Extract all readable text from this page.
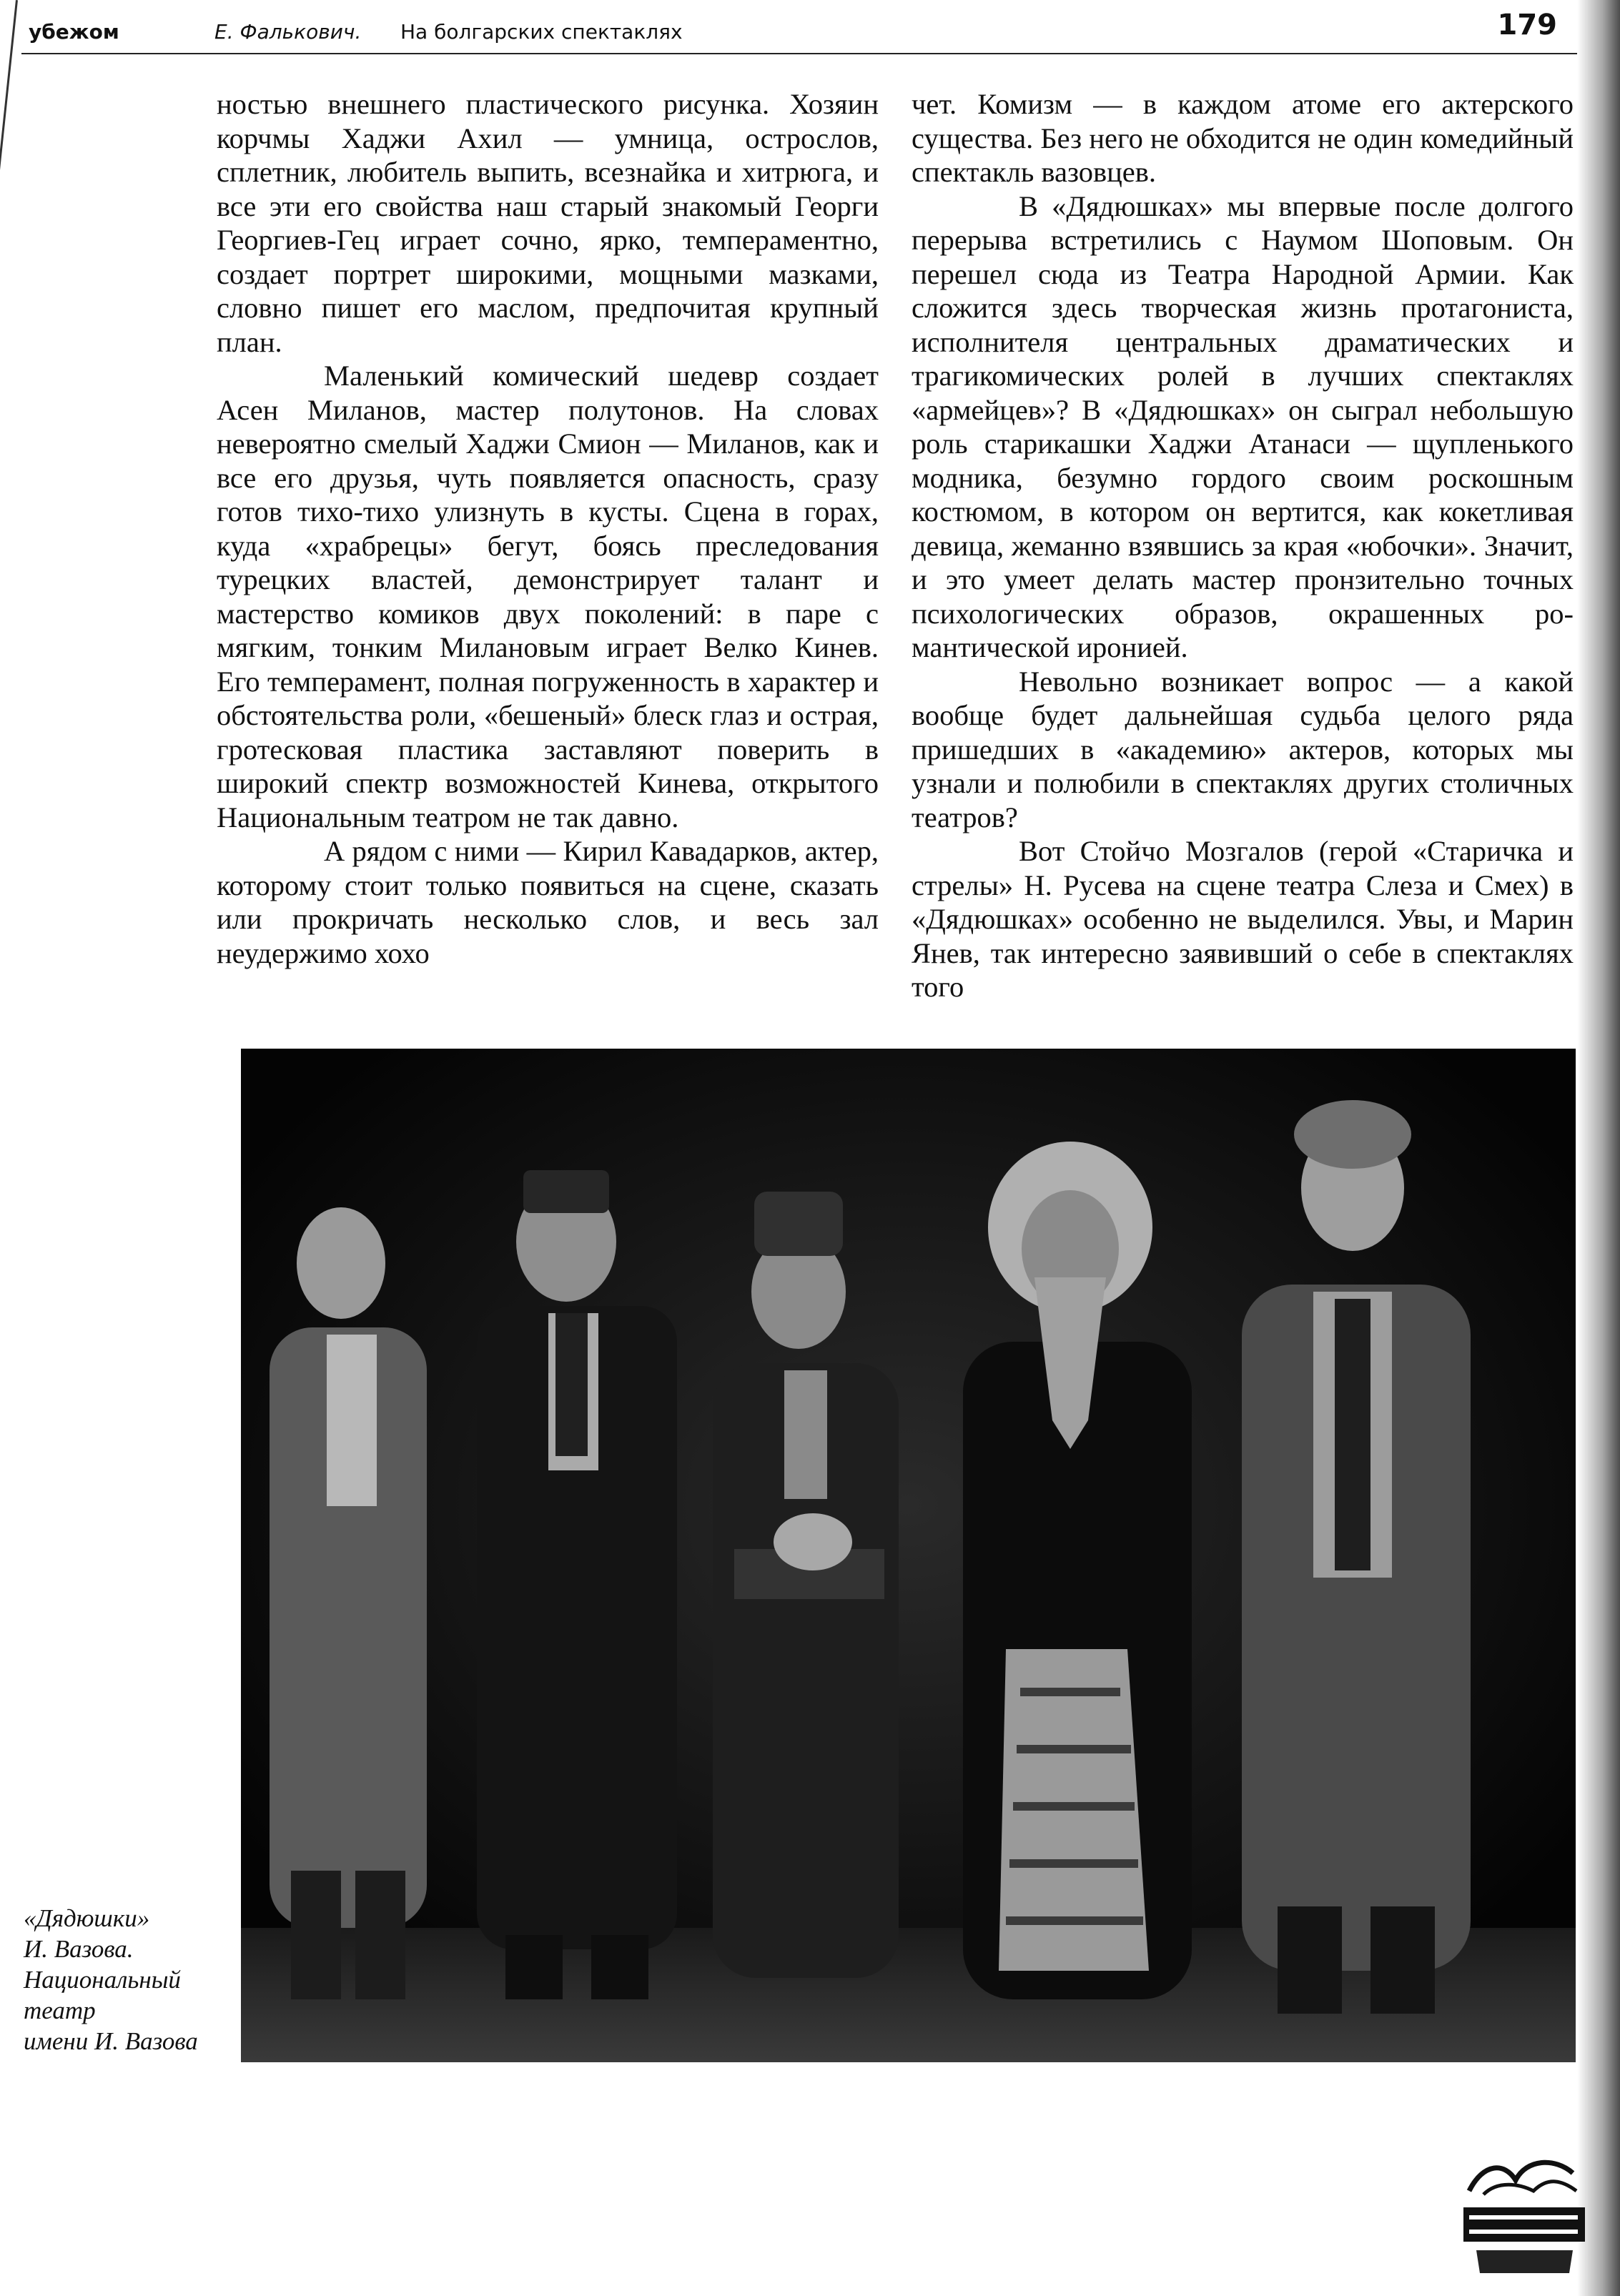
убежом	Е. Фалькович. На болгарских спектаклях	179

ностью внешнего пластического рисунка. Хозяин корчмы Хаджи Ахил — умница, острослов, сплетник, любитель выпить, всезнайка и хитрюга, и все эти его свойства наш старый знакомый Георги Георгиев-Гец играет сочно, ярко, темпераментно, создает портрет широкими, мощными мазками, словно пишет его маслом, предпочитая крупный план.

Маленький комический шедевр создает Асен Миланов, мастер полутонов. На словах невероятно смелый Хаджи Смион — Миланов, как и все его друзья, чуть появляется опасность, сразу готов тихо-тихо улизнуть в кусты. Сцена в горах, куда «храбрецы» бегут, боясь преследования турецких властей, демонстрирует талант и мастерство комиков двух поколений: в паре с мягким, тонким Милановым играет Велко Кинев. Его темперамент, полная погруженность в характер и обстоятельства роли, «бешеный» блеск глаз и острая, гротесковая пластика заставляют поверить в широкий спектр возможностей Кинева, открытого Национальным театром не так давно.

А рядом с ними — Кирил Кавадарков, актер, которому стоит только появиться на сцене, сказать или прокричать несколько слов, и весь зал неудержимо хохо

чет. Комизм — в каждом атоме его актерского существа. Без него не обходится не один комедийный спектакль вазовцев.

В «Дядюшках» мы впервые после долгого перерыва встретились с Наумом Шоповым. Он перешел сюда из Театра Народной Армии. Как сложится здесь творческая жизнь протагониста, исполнителя центральных драматических и трагикомических ролей в лучших спектаклях «армейцев»? В «Дядюшках» он сыграл небольшую роль старикашки Хаджи Атанаси — щупленького модника, безумно гордого своим роскошным костюмом, в котором он вертится, как кокетливая девица, жеманно взявшись за края «юбочки». Значит, и это умеет делать мастер пронзительно точных психологических образов, окрашенных романтической иронией.

Невольно возникает вопрос — а какой вообще будет дальнейшая судьба целого ряда пришедших в «академию» актеров, которых мы узнали и полюбили в спектаклях других столичных театров?

Вот Стойчо Мозгалов (герой «Старичка и стрелы» Н. Русева на сцене театра Слеза и Смех) в «Дядюшках» особенно не выделился. Увы, и Марин Янев, так интересно заявивший о себе в спектаклях того

«Дядюшки»
И. Вазова.
Национальный
театр
имени И. Вазова
